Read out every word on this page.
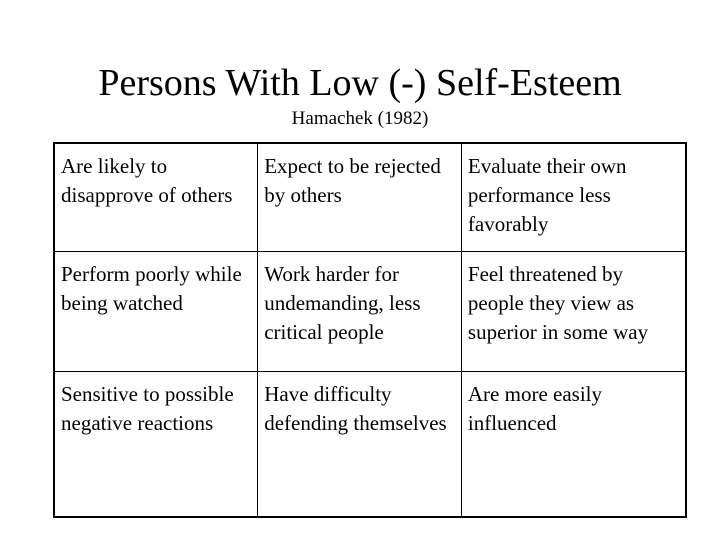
Persons With Low (-) Self-Esteem
Hamachek (1982)
Are likely to disapprove of others	Expect to be rejected by others	Evaluate their own performance less favorably

Perform poorly while being watched	Work harder for undemanding, less critical people	Feel threatened by people they view as superior in some way

Sensitive to possible negative reactions	Have difficulty defending themselves	Are more easily influenced
